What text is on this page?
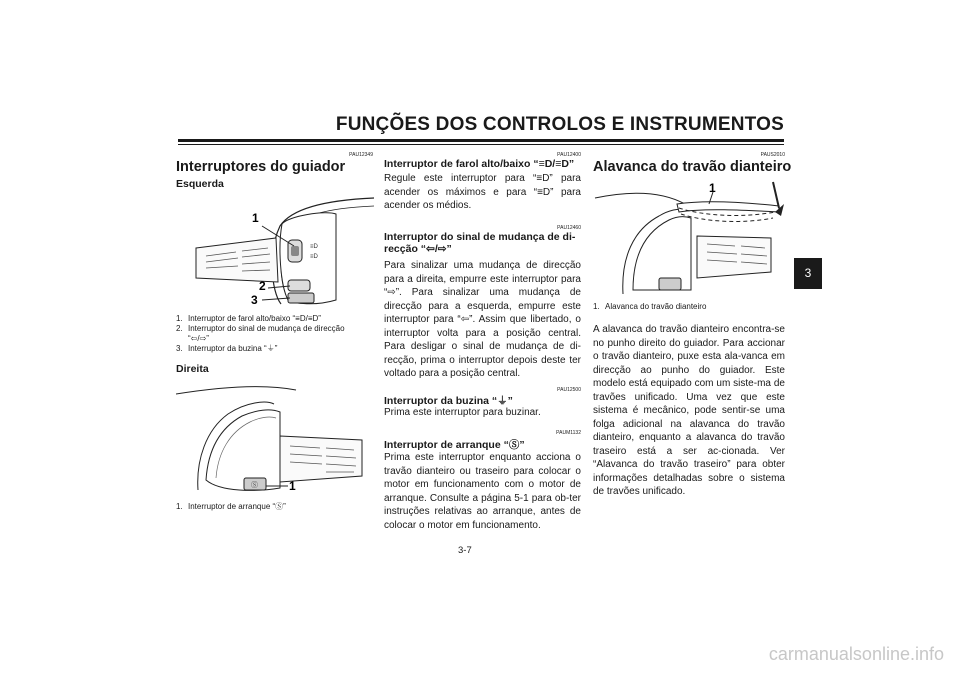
FUNÇÕES DOS CONTROLOS E INSTRUMENTOS
3
PAU12349
Interruptores do guiador
Esquerda
≡D
≡D
1
2
3
1. Interruptor de farol alto/baixo “≡D/≡D”
2. Interruptor do sinal de mudança de direcção
“⇦/⇨”
3. Interruptor da buzina “⏚”
Direita
Ⓢ	1
1. Interruptor de arranque “Ⓢ”
PAU12400
Interruptor de farol alto/baixo “≡D/≡D”
Regule este interruptor para “≡D” para acender os máximos e para “≡D” para acender os médios.
PAU12460
Interruptor do sinal de mudança de di-
recção “⇦/⇨”
Para sinalizar uma mudança de direcção para a direita, empurre este interruptor para “⇨”. Para sinalizar uma mudança de direcção para a esquerda, empurre este interruptor para “⇦”. Assim que libertado, o interruptor volta para a posição central. Para desligar o sinal de mudança de di-recção, prima o interruptor depois deste ter voltado para a posição central.
PAU12500
Interruptor da buzina “⏚”
Prima este interruptor para buzinar.
PAUM1132
Interruptor de arranque “Ⓢ”
Prima este interruptor enquanto acciona o travão dianteiro ou traseiro para colocar o motor em funcionamento com o motor de arranque. Consulte a página 5-1 para ob-ter instruções relativas ao arranque, antes de colocar o motor em funcionamento.
PAUS2010
Alavanca do travão dianteiro
1
1. Alavanca do travão dianteiro
A alavanca do travão dianteiro encontra-se no punho direito do guiador. Para accionar o travão dianteiro, puxe esta ala-vanca em direcção ao punho do guiador. Este modelo está equipado com um siste-ma de travões unificado. Uma vez que este sistema é mecânico, pode sentir-se uma folga adicional na alavanca do travão dianteiro, enquanto a alavanca do travão traseiro está a ser ac-cionada. Ver “Alavanca do travão traseiro” para obter informações detalhadas sobre o sistema de travões unificado.
3-7
carmanualsonline.info
